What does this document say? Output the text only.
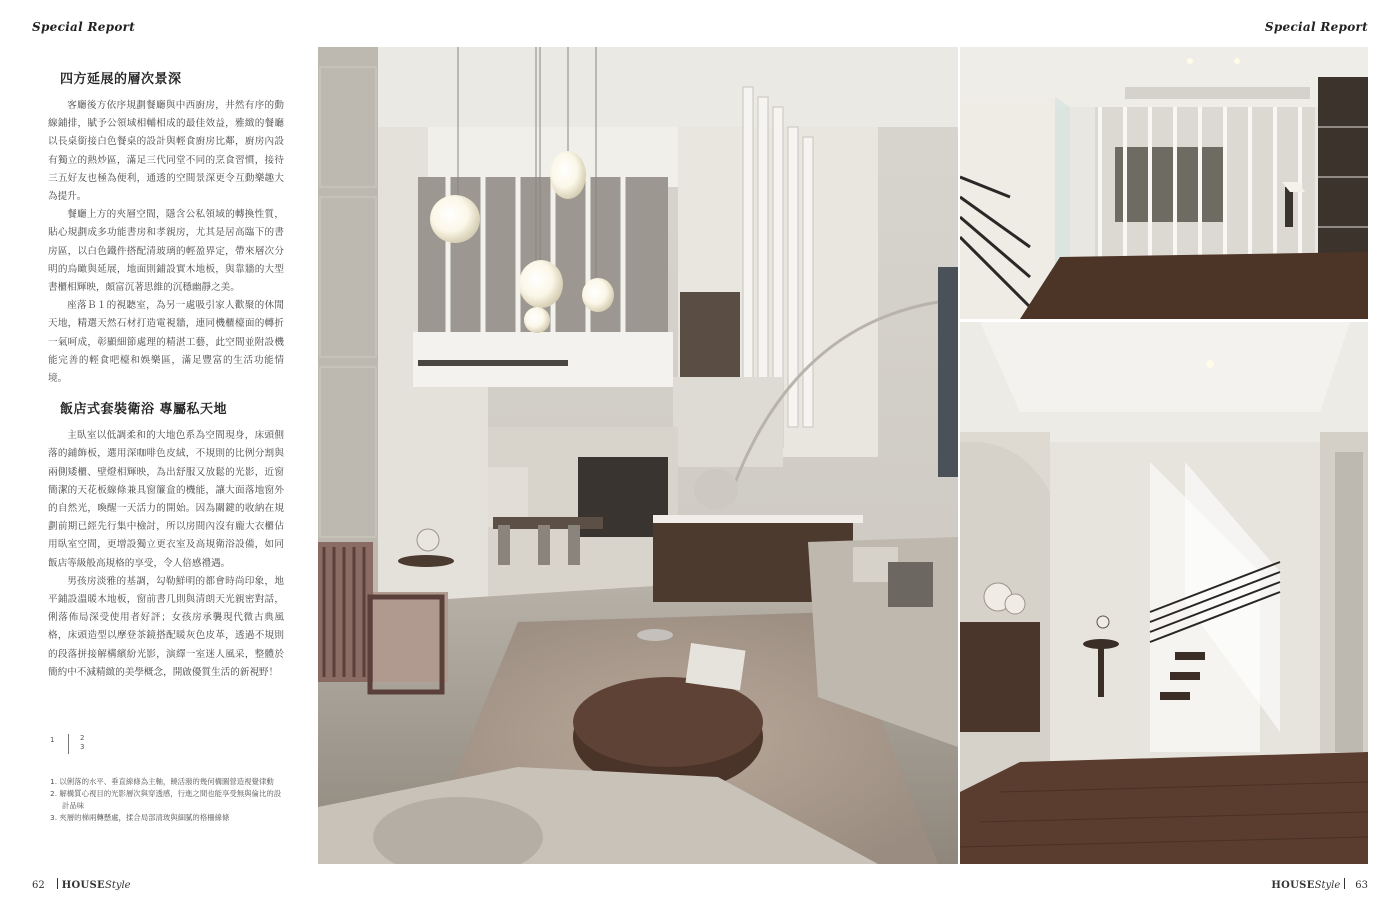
Special Report	Special Report
四方延展的層次景深

客廳後方依序規劃餐廳與中西廚房，井然有序的動線鋪排，賦予公領域相輔相成的最佳效益，雅緻的餐廳以長桌銜接白色餐桌的設計與輕食廚房比鄰，廚房內設有獨立的熱炒區，滿足三代同堂不同的烹食習慣，接待三五好友也極為便利，通透的空間景深更令互動樂趣大為提升。

餐廳上方的夾層空間，隱含公私領域的轉換性質，貼心規劃成多功能書房和孝親房，尤其是居高臨下的書房區，以白色鐵件搭配清玻璃的輕盈界定，帶來層次分明的烏瞰與延展，地面則鋪設實木地板，與靠牆的大型書櫃相輝映，頗富沉著思維的沉穩幽靜之美。

座落Ｂ１的視聽室，為另一處吸引家人歡聚的休閒天地，精選天然石材打造電視牆，連同機櫃檯面的轉折一氣呵成，彰顯細節處理的精湛工藝，此空間並附設機能完善的輕食吧檯和娛樂區，滿足豐富的生活功能情境。

飯店式套裝衛浴 專屬私天地

主臥室以低調柔和的大地色系為空間現身，床頭側落的鋪飾板，選用深咖啡色皮絨，不規則的比例分割與兩側矮櫃、壁燈相輝映，為出舒服又放鬆的光影，近窗簡潔的天花板線條兼具窗簾盒的機能，讓大面落地窗外的自然光，喚醒一天活力的開始。因為關鍵的收納在規劃前期已經先行集中檢討，所以房間內沒有龐大衣櫃佔用臥室空間，更增設獨立更衣室及高規衛浴設備，如同飯店等級般高規格的享受，令人倍感禮遇。

男孩房淡雅的基調，勾勒鮮明的都會時尚印象，地平鋪設溫暖木地板，窗前書几則與清朗天光親密對話，俐落佈局深受使用者好評；女孩房承襲現代微古典風格，床頭造型以摩登茶鏡搭配暖灰色皮革，透過不規則的段落拼接解構繽紛光影，演繹一室迷人風采，整體於簡約中不減精緻的美學概念，開啟優質生活的新視野！

1	2
3
1. 以俐落的水平、垂直線條為主軸，饒活潑的幾何構圖營造視覺律動
2. 解構質心視目的光影層次與穿透感，行進之間也能享受無與倫比的設計品味
3. 夾層的梯兩轉懸處，揉合局部清玻與細膩的格柵線條
62 HOUSEStyle	HOUSEStyle 63
